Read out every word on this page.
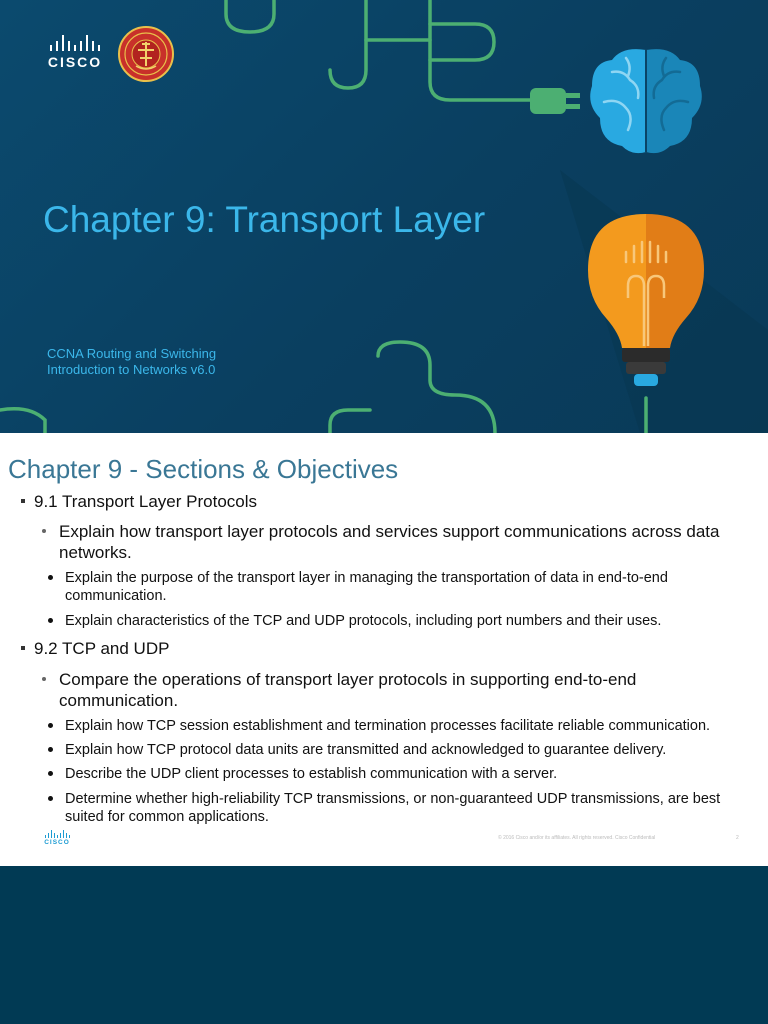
CISCO
Chapter 9: Transport Layer
CCNA Routing and Switching
Introduction to Networks v6.0
Chapter 9 - Sections & Objectives
9.1 Transport Layer Protocols
Explain how transport layer protocols and services support communications across data networks.
Explain the purpose of the transport layer in managing the transportation of data in end-to-end communication.
Explain characteristics of the TCP and UDP protocols, including port numbers and their uses.
9.2 TCP and UDP
Compare the operations of transport layer protocols in supporting end-to-end communication.
Explain how TCP session establishment and termination processes facilitate reliable communication.
Explain how TCP protocol data units are transmitted and acknowledged to guarantee delivery.
Describe the UDP client processes to establish communication with a server.
Determine whether high-reliability TCP transmissions, or non-guaranteed UDP transmissions, are best suited for common applications.
CISCO
© 2016 Cisco and/or its affiliates. All rights reserved. Cisco Confidential	2
